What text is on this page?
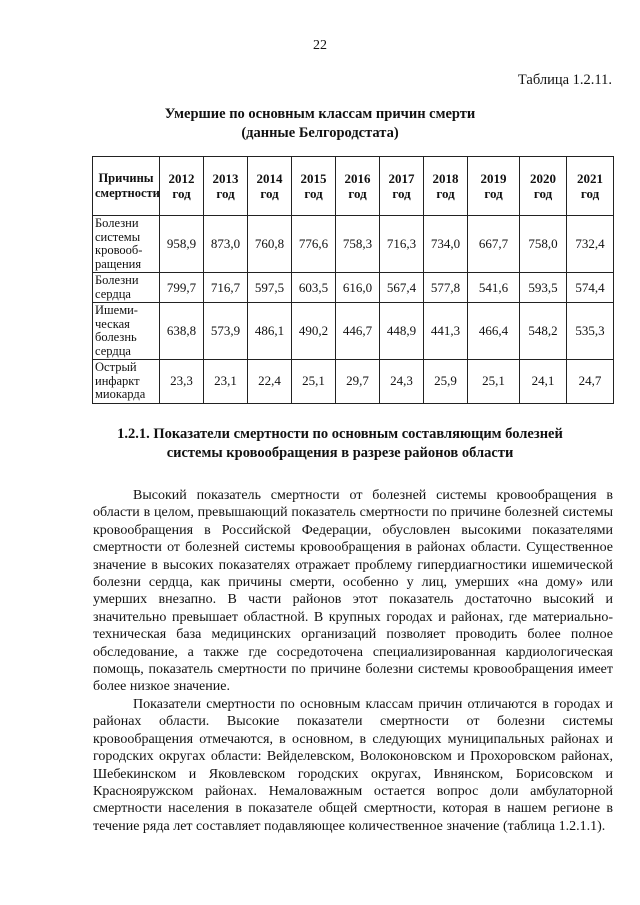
22
Таблица 1.2.11.
Умершие по основным классам причин смерти
(данные Белгородстата)
Причины смертности	2012 год	2013 год	2014 год	2015 год	2016 год	2017 год	2018 год	2019 год	2020 год	2021 год
Болезни системы кровооб-ращения	958,9	873,0	760,8	776,6	758,3	716,3	734,0	667,7	758,0	732,4
Болезни сердца	799,7	716,7	597,5	603,5	616,0	567,4	577,8	541,6	593,5	574,4
Ишеми-ческая болезнь сердца	638,8	573,9	486,1	490,2	446,7	448,9	441,3	466,4	548,2	535,3
Острый инфаркт миокарда	23,3	23,1	22,4	25,1	29,7	24,3	25,9	25,1	24,1	24,7
1.2.1. Показатели смертности по основным составляющим болезней
системы кровообращения в разрезе районов области

Высокий показатель смертности от болезней системы кровообращения в области в целом, превышающий показатель смертности по причине болезней системы кровообращения в Российской Федерации, обусловлен высокими показателями смертности от болезней системы кровообращения в районах области. Существенное значение в высоких показателях отражает проблему гипердиагностики ишемической болезни сердца, как причины смерти, особенно у лиц, умерших «на дому» или умерших внезапно. В части районов этот показатель достаточно высокий и значительно превышает областной. В крупных городах и районах, где материально-техническая база медицинских организаций позволяет проводить более полное обследование, а также где сосредоточена специализированная кардиологическая помощь, показатель смертности по причине болезни системы кровообращения имеет более низкое значение.

Показатели смертности по основным классам причин отличаются в городах и районах области. Высокие показатели смертности от болезни системы кровообращения отмечаются, в основном, в следующих муниципальных районах и городских округах области: Вейделевском, Волоконовском и Прохоровском районах, Шебекинском и Яковлевском городских округах, Ивнянском, Борисовском и Краснояружском районах. Немаловажным остается вопрос доли амбулаторной смертности населения в показателе общей смертности, которая в нашем регионе в течение ряда лет составляет подавляющее количественное значение (таблица 1.2.1.1).
